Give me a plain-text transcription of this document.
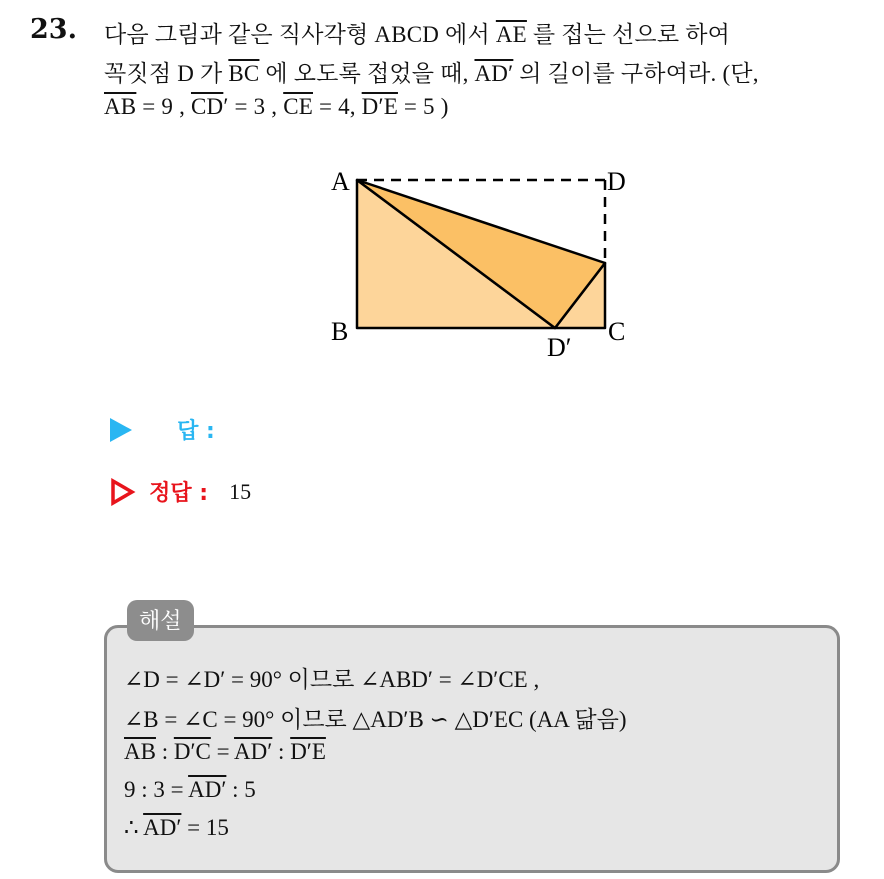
23. 다음 그림과 같은 직사각형 ABCD 에서 $\overline{AE}$ 를 접는 선으로 하여
꼭짓점 D 가 $\overline{BC}$ 에 오도록 접었을 때, AD′ 의 길이를 구하여라. (단,
$\overline{AB} = 9$ , $\overline{CD}' = 3$ , $\overline{CE} = 4$, D′E = 5 )
A	D
B	C
D′
답 :
정답 : 15
해설
∠D = ∠D′ = 90° 이므로 ∠ABD′ = ∠D′CE ,
∠B = ∠C = 90° 이므로 △AD′B ∽ △D′EC (AA 닮음)
$\overline{AB}$ : D′C = AD′ : D′E
9 : 3 = AD′ : 5
∴ AD′ = 15
